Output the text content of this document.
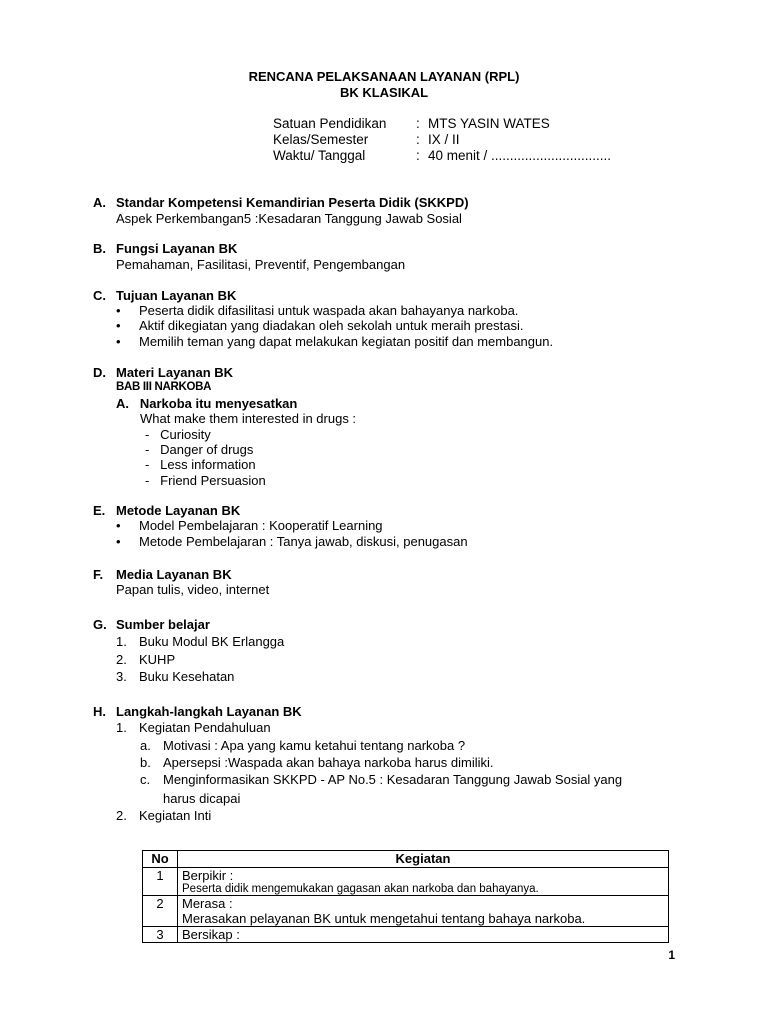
RENCANA PELAKSANAAN LAYANAN (RPL)
BK KLASIKAL
Satuan Pendidikan	: MTS YASIN WATES
Kelas/Semester	: IX / II
Waktu/ Tanggal	: 40 menit / ................................
A. Standar Kompetensi Kemandirian Peserta Didik (SKKPD)
Aspek Perkembangan5 :Kesadaran Tanggung Jawab Sosial
B. Fungsi Layanan BK
Pemahaman, Fasilitasi, Preventif, Pengembangan
C. Tujuan Layanan BK
• Peserta didik difasilitasi untuk waspada akan bahayanya narkoba.
• Aktif dikegiatan yang diadakan oleh sekolah untuk meraih prestasi.
• Memilih teman yang dapat melakukan kegiatan positif dan membangun.
D. Materi Layanan BK
BAB III NARKOBA
A. Narkoba itu menyesatkan
What make them interested in drugs :
-   Curiosity
-   Danger of drugs
-   Less information
-   Friend Persuasion
E. Metode Layanan BK
• Model Pembelajaran : Kooperatif Learning
• Metode Pembelajaran : Tanya jawab, diskusi, penugasan
F. Media Layanan BK
Papan tulis, video, internet
G. Sumber belajar
1. Buku Modul BK Erlangga
2. KUHP
3. Buku Kesehatan
H. Langkah-langkah Layanan BK
1. Kegiatan Pendahuluan
a. Motivasi : Apa yang kamu ketahui tentang narkoba ?
b. Apersepsi :Waspada akan bahaya narkoba harus dimiliki.
c. Menginformasikan SKKPD - AP No.5 : Kesadaran Tanggung Jawab Sosial yang
harus dicapai
2. Kegiatan Inti
No	Kegiatan
1	Berpikir :
Peserta didik mengemukakan gagasan akan narkoba dan bahayanya.

2	Merasa :
Merasakan pelayanan BK untuk mengetahui tentang bahaya narkoba.

3	Bersikap :
1
